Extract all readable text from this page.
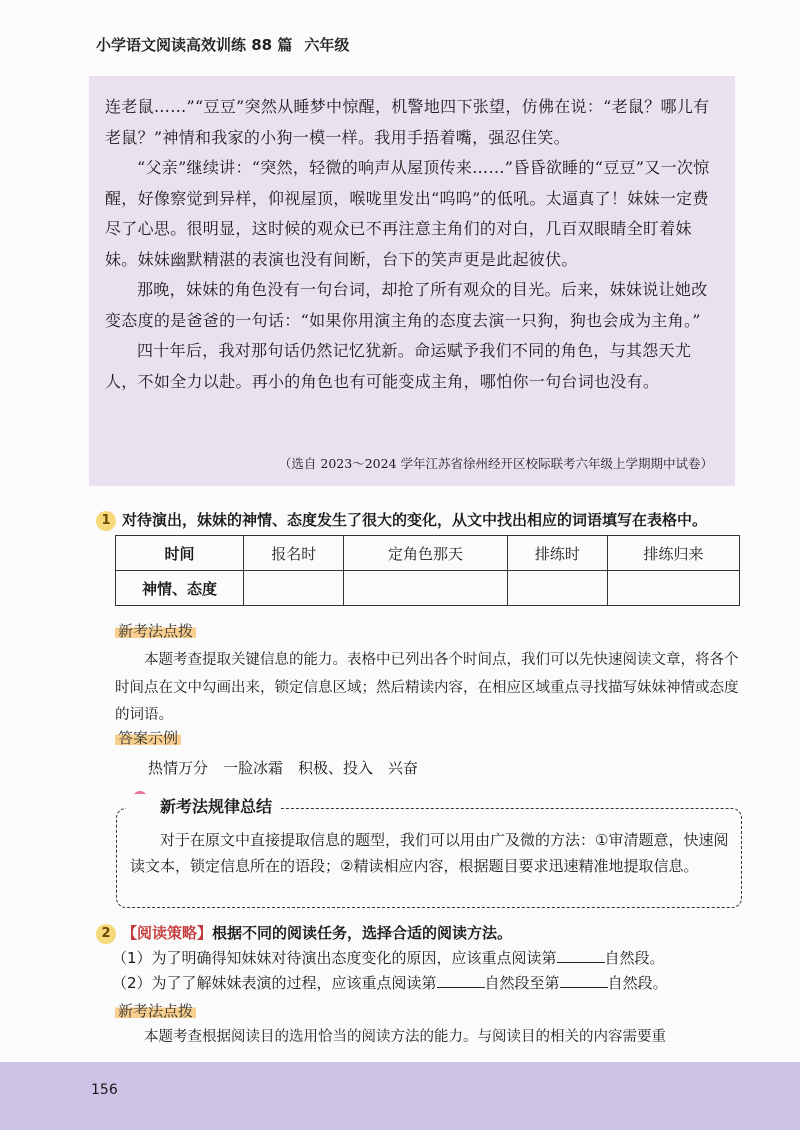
小学语文阅读高效训练 88 篇 六年级

连老鼠……”“豆豆”突然从睡梦中惊醒，机警地四下张望，仿佛在说：“老鼠？哪儿有老鼠？”神情和我家的小狗一模一样。我用手捂着嘴，强忍住笑。

“父亲”继续讲：“突然，轻微的响声从屋顶传来……”昏昏欲睡的“豆豆”又一次惊醒，好像察觉到异样，仰视屋顶，喉咙里发出“呜呜”的低吼。太逼真了！妹妹一定费尽了心思。很明显，这时候的观众已不再注意主角们的对白，几百双眼睛全盯着妹妹。妹妹幽默精湛的表演也没有间断，台下的笑声更是此起彼伏。

那晚，妹妹的角色没有一句台词，却抢了所有观众的目光。后来，妹妹说让她改变态度的是爸爸的一句话：“如果你用演主角的态度去演一只狗，狗也会成为主角。”

四十年后，我对那句话仍然记忆犹新。命运赋予我们不同的角色，与其怨天尤人，不如全力以赴。再小的角色也有可能变成主角，哪怕你一句台词也没有。

（选自 2023～2024 学年江苏省徐州经开区校际联考六年级上学期期中试卷）
1 对待演出，妹妹的神情、态度发生了很大的变化，从文中找出相应的词语填写在表格中。
时间	报名时	定角色那天	排练时	排练归来
神情、态度				
新考法点拨

本题考查提取关键信息的能力。表格中已列出各个时间点，我们可以先快速阅读文章，将各个时间点在文中勾画出来，锁定信息区域；然后精读内容，在相应区域重点寻找描写妹妹神情或态度的词语。

答案示例
热情万分　一脸冰霜　积极、投入　兴奋
新考法规律总结

对于在原文中直接提取信息的题型，我们可以用由广及微的方法：①审清题意，快速阅读文本，锁定信息所在的语段；②精读相应内容，根据题目要求迅速精准地提取信息。

2 【阅读策略】根据不同的阅读任务，选择合适的阅读方法。
（1）为了明确得知妹妹对待演出态度变化的原因，应该重点阅读第	自然段。
（2）为了了解妹妹表演的过程，应该重点阅读第	自然段至第	自然段。
新考法点拨

本题考查根据阅读目的选用恰当的阅读方法的能力。与阅读目的相关的内容需要重

156
